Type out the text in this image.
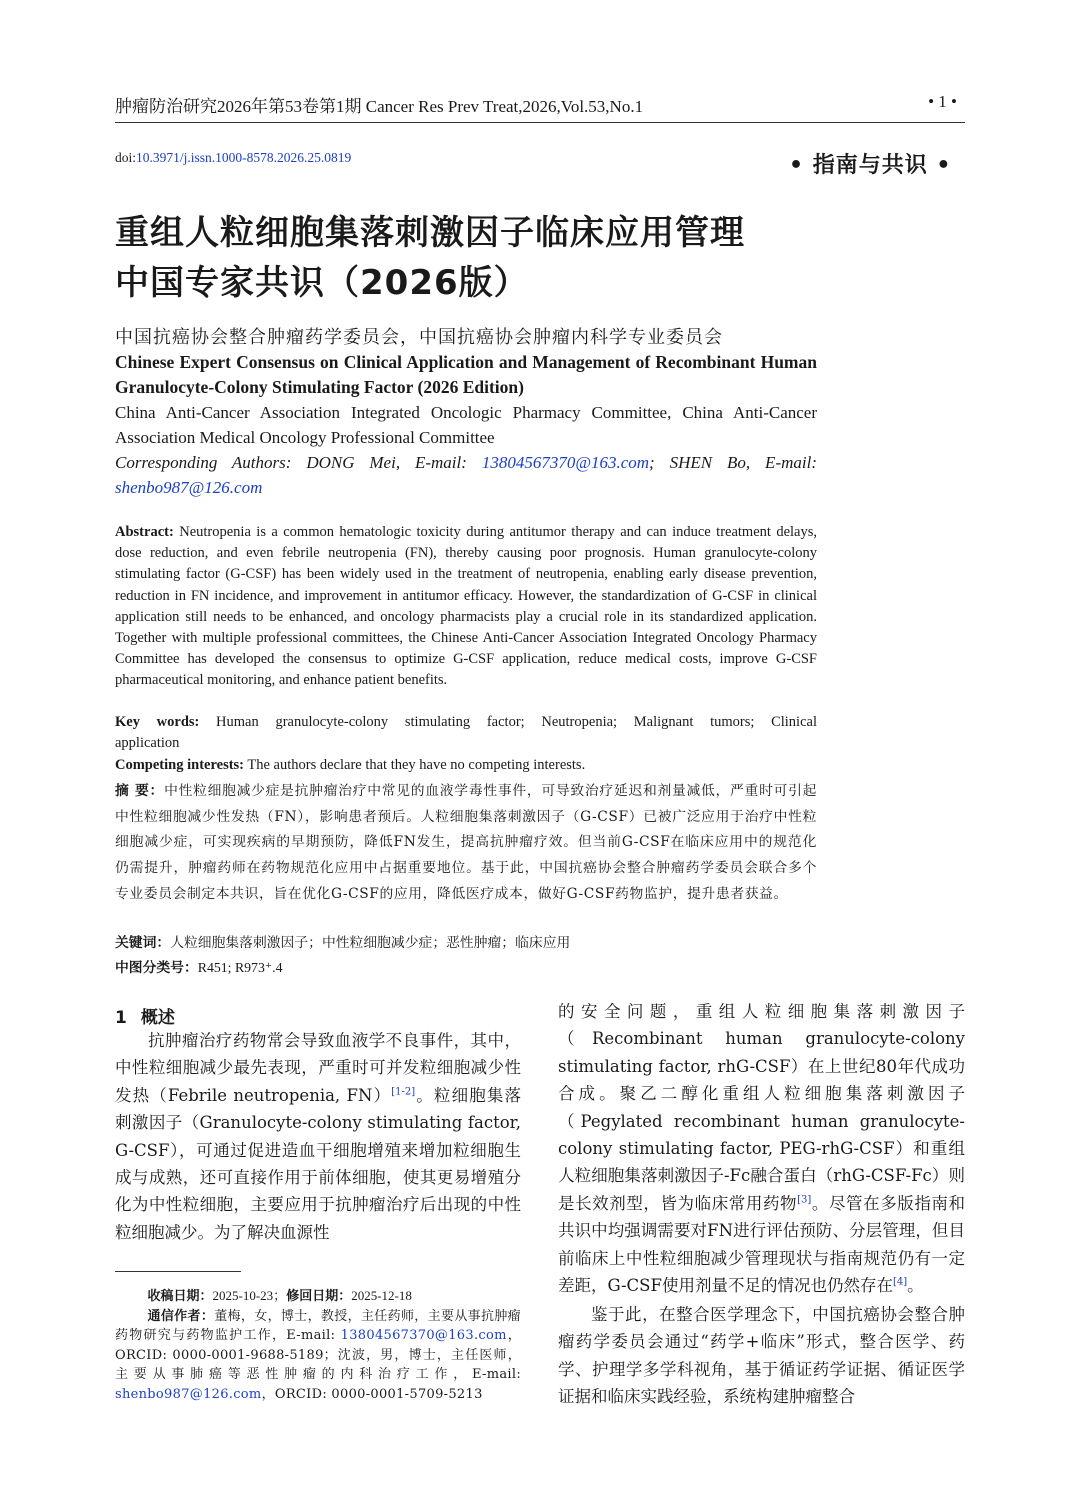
肿瘤防治研究2026年第53卷第1期 Cancer Res Prev Treat,2026,Vol.53,No.1	• 1 •
doi:10.3971/j.issn.1000-8578.2026.25.0819	• 指南与共识 •
重组人粒细胞集落刺激因子临床应用管理
中国专家共识（2026版）
中国抗癌协会整合肿瘤药学委员会，中国抗癌协会肿瘤内科学专业委员会
Chinese Expert Consensus on Clinical Application and Management of Recombinant Human Granulocyte-Colony Stimulating Factor (2026 Edition)
China Anti-Cancer Association Integrated Oncologic Pharmacy Committee, China Anti-Cancer Association Medical Oncology Professional Committee
Corresponding Authors: DONG Mei, E-mail: 13804567370@163.com; SHEN Bo, E-mail: shenbo987@126.com
Abstract: Neutropenia is a common hematologic toxicity during antitumor therapy and can induce treatment delays, dose reduction, and even febrile neutropenia (FN), thereby causing poor prognosis. Human granulocyte-colony stimulating factor (G-CSF) has been widely used in the treatment of neutropenia, enabling early disease prevention, reduction in FN incidence, and improvement in antitumor efficacy. However, the standardization of G-CSF in clinical application still needs to be enhanced, and oncology pharmacists play a crucial role in its standardized application. Together with multiple professional committees, the Chinese Anti-Cancer Association Integrated Oncology Pharmacy Committee has developed the consensus to optimize G-CSF application, reduce medical costs, improve G-CSF pharmaceutical monitoring, and enhance patient benefits.
Key words: Human granulocyte-colony stimulating factor; Neutropenia; Malignant tumors; Clinical
application
Competing interests: The authors declare that they have no competing interests.
摘 要：中性粒细胞减少症是抗肿瘤治疗中常见的血液学毒性事件，可导致治疗延迟和剂量减低，严重时可引起中性粒细胞减少性发热（FN），影响患者预后。人粒细胞集落刺激因子（G-CSF）已被广泛应用于治疗中性粒细胞减少症，可实现疾病的早期预防，降低FN发生，提高抗肿瘤疗效。但当前G-CSF在临床应用中的规范化仍需提升，肿瘤药师在药物规范化应用中占据重要地位。基于此，中国抗癌协会整合肿瘤药学委员会联合多个专业委员会制定本共识，旨在优化G-CSF的应用，降低医疗成本，做好G-CSF药物监护，提升患者获益。
关键词：人粒细胞集落刺激因子；中性粒细胞减少症；恶性肿瘤；临床应用
中图分类号：R451; R973⁺.4
1 概述
抗肿瘤治疗药物常会导致血液学不良事件，其中，中性粒细胞减少最先表现，严重时可并发粒细胞减少性发热（Febrile neutropenia, FN）[1-2]。粒细胞集落刺激因子（Granulocyte-colony stimulating factor, G-CSF），可通过促进造血干细胞增殖来增加粒细胞生成与成熟，还可直接作用于前体细胞，使其更易增殖分化为中性粒细胞，主要应用于抗肿瘤治疗后出现的中性粒细胞减少。为了解决血源性
的安全问题，重组人粒细胞集落刺激因子（Recombinant human granulocyte-colony stimulating factor, rhG-CSF）在上世纪80年代成功合成。聚乙二醇化重组人粒细胞集落刺激因子（Pegylated recombinant human granulocyte-colony stimulating factor, PEG-rhG-CSF）和重组人粒细胞集落刺激因子-Fc融合蛋白（rhG-CSF-Fc）则是长效剂型，皆为临床常用药物[3]。尽管在多版指南和共识中均强调需要对FN进行评估预防、分层管理，但目前临床上中性粒细胞减少管理现状与指南规范仍有一定差距，G-CSF使用剂量不足的情况也仍然存在[4]。
鉴于此，在整合医学理念下，中国抗癌协会整合肿瘤药学委员会通过“药学+临床”形式，整合医学、药学、护理学多学科视角，基于循证药学证据、循证医学证据和临床实践经验，系统构建肿瘤整合
收稿日期：2025-10-23；修回日期：2025-12-18
通信作者：董梅，女，博士，教授，主任药师，主要从事抗肿瘤药物研究与药物监护工作，E-mail: 13804567370@163.com，ORCID: 0000-0001-9688-5189；沈波，男，博士，主任医师，主要从事肺癌等恶性肿瘤的内科治疗工作，E-mail: shenbo987@126.com，ORCID: 0000-0001-5709-5213
